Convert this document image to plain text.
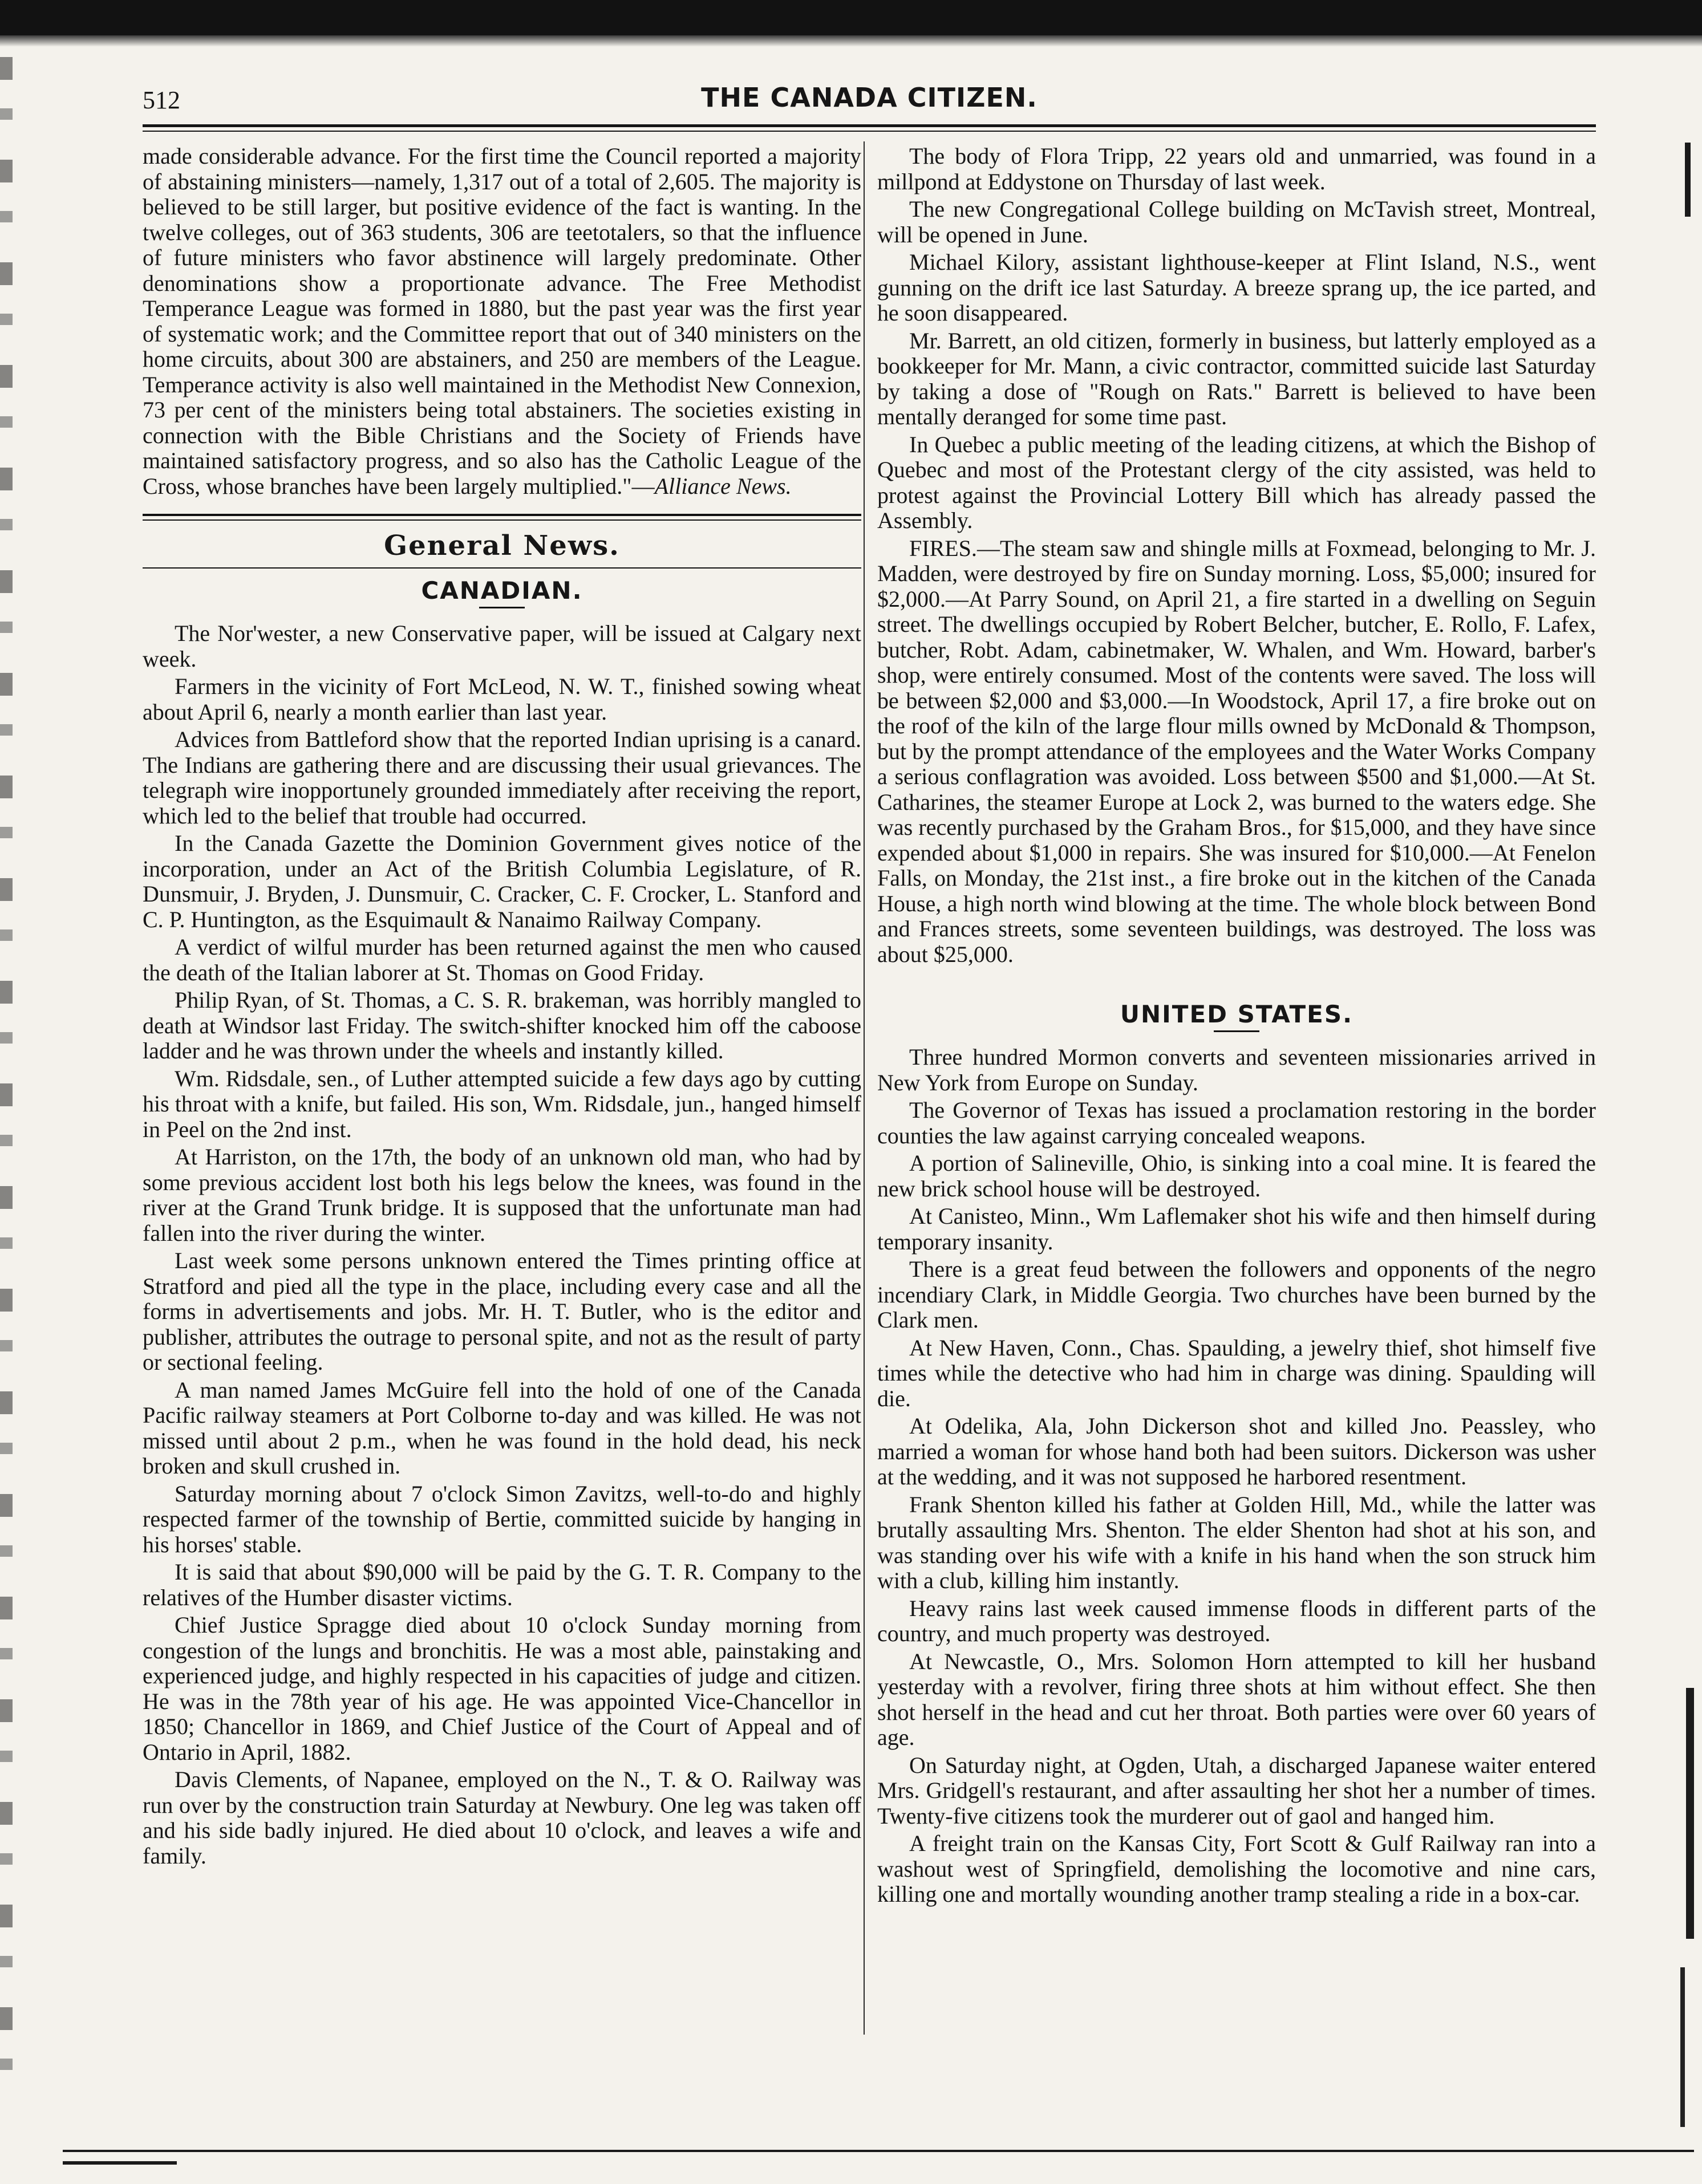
512	THE CANADA CITIZEN.

made considerable advance. For the first time the Council reported a majority of abstaining ministers—namely, 1,317 out of a total of 2,605. The majority is believed to be still larger, but positive evidence of the fact is wanting. In the twelve colleges, out of 363 students, 306 are teetotalers, so that the influence of future ministers who favor abstinence will largely predominate. Other denominations show a proportionate advance. The Free Methodist Temperance League was formed in 1880, but the past year was the first year of systematic work; and the Committee report that out of 340 ministers on the home circuits, about 300 are abstainers, and 250 are members of the League. Temperance activity is also well maintained in the Methodist New Connexion, 73 per cent of the ministers being total abstainers. The societies existing in connection with the Bible Christians and the Society of Friends have maintained satisfactory progress, and so also has the Catholic League of the Cross, whose branches have been largely multiplied."—Alliance News.

General News.
CANADIAN.

The Nor'wester, a new Conservative paper, will be issued at Calgary next week.

Farmers in the vicinity of Fort McLeod, N. W. T., finished sowing wheat about April 6, nearly a month earlier than last year.

Advices from Battleford show that the reported Indian uprising is a canard. The Indians are gathering there and are discussing their usual grievances. The telegraph wire inopportunely grounded immediately after receiving the report, which led to the belief that trouble had occurred.

In the Canada Gazette the Dominion Government gives notice of the incorporation, under an Act of the British Columbia Legislature, of R. Dunsmuir, J. Bryden, J. Dunsmuir, C. Cracker, C. F. Crocker, L. Stanford and C. P. Huntington, as the Esquimault & Nanaimo Railway Company.

A verdict of wilful murder has been returned against the men who caused the death of the Italian laborer at St. Thomas on Good Friday.

Philip Ryan, of St. Thomas, a C. S. R. brakeman, was horribly mangled to death at Windsor last Friday. The switch-shifter knocked him off the caboose ladder and he was thrown under the wheels and instantly killed.

Wm. Ridsdale, sen., of Luther attempted suicide a few days ago by cutting his throat with a knife, but failed. His son, Wm. Ridsdale, jun., hanged himself in Peel on the 2nd inst.

At Harriston, on the 17th, the body of an unknown old man, who had by some previous accident lost both his legs below the knees, was found in the river at the Grand Trunk bridge. It is supposed that the unfortunate man had fallen into the river during the winter.

Last week some persons unknown entered the Times printing office at Stratford and pied all the type in the place, including every case and all the forms in advertisements and jobs. Mr. H. T. Butler, who is the editor and publisher, attributes the outrage to personal spite, and not as the result of party or sectional feeling.

A man named James McGuire fell into the hold of one of the Canada Pacific railway steamers at Port Colborne to-day and was killed. He was not missed until about 2 p.m., when he was found in the hold dead, his neck broken and skull crushed in.

Saturday morning about 7 o'clock Simon Zavitzs, well-to-do and highly respected farmer of the township of Bertie, committed suicide by hanging in his horses' stable.

It is said that about $90,000 will be paid by the G. T. R. Company to the relatives of the Humber disaster victims.

Chief Justice Spragge died about 10 o'clock Sunday morning from congestion of the lungs and bronchitis. He was a most able, painstaking and experienced judge, and highly respected in his capacities of judge and citizen. He was in the 78th year of his age. He was appointed Vice-Chancellor in 1850; Chancellor in 1869, and Chief Justice of the Court of Appeal and of Ontario in April, 1882.

Davis Clements, of Napanee, employed on the N., T. & O. Railway was run over by the construction train Saturday at Newbury. One leg was taken off and his side badly injured. He died about 10 o'clock, and leaves a wife and family.

The body of Flora Tripp, 22 years old and unmarried, was found in a millpond at Eddystone on Thursday of last week.

The new Congregational College building on McTavish street, Montreal, will be opened in June.

Michael Kilory, assistant lighthouse-keeper at Flint Island, N.S., went gunning on the drift ice last Saturday. A breeze sprang up, the ice parted, and he soon disappeared.

Mr. Barrett, an old citizen, formerly in business, but latterly employed as a bookkeeper for Mr. Mann, a civic contractor, committed suicide last Saturday by taking a dose of "Rough on Rats." Barrett is believed to have been mentally deranged for some time past.

In Quebec a public meeting of the leading citizens, at which the Bishop of Quebec and most of the Protestant clergy of the city assisted, was held to protest against the Provincial Lottery Bill which has already passed the Assembly.

FIRES.—The steam saw and shingle mills at Foxmead, belonging to Mr. J. Madden, were destroyed by fire on Sunday morning. Loss, $5,000; insured for $2,000.—At Parry Sound, on April 21, a fire started in a dwelling on Seguin street. The dwellings occupied by Robert Belcher, butcher, E. Rollo, F. Lafex, butcher, Robt. Adam, cabinetmaker, W. Whalen, and Wm. Howard, barber's shop, were entirely consumed. Most of the contents were saved. The loss will be between $2,000 and $3,000.—In Woodstock, April 17, a fire broke out on the roof of the kiln of the large flour mills owned by McDonald & Thompson, but by the prompt attendance of the employees and the Water Works Company a serious conflagration was avoided. Loss between $500 and $1,000.—At St. Catharines, the steamer Europe at Lock 2, was burned to the waters edge. She was recently purchased by the Graham Bros., for $15,000, and they have since expended about $1,000 in repairs. She was insured for $10,000.—At Fenelon Falls, on Monday, the 21st inst., a fire broke out in the kitchen of the Canada House, a high north wind blowing at the time. The whole block between Bond and Frances streets, some seventeen buildings, was destroyed. The loss was about $25,000.

UNITED STATES.

Three hundred Mormon converts and seventeen missionaries arrived in New York from Europe on Sunday.

The Governor of Texas has issued a proclamation restoring in the border counties the law against carrying concealed weapons.

A portion of Salineville, Ohio, is sinking into a coal mine. It is feared the new brick school house will be destroyed.

At Canisteo, Minn., Wm Laflemaker shot his wife and then himself during temporary insanity.

There is a great feud between the followers and opponents of the negro incendiary Clark, in Middle Georgia. Two churches have been burned by the Clark men.

At New Haven, Conn., Chas. Spaulding, a jewelry thief, shot himself five times while the detective who had him in charge was dining. Spaulding will die.

At Odelika, Ala, John Dickerson shot and killed Jno. Peassley, who married a woman for whose hand both had been suitors. Dickerson was usher at the wedding, and it was not supposed he harbored resentment.

Frank Shenton killed his father at Golden Hill, Md., while the latter was brutally assaulting Mrs. Shenton. The elder Shenton had shot at his son, and was standing over his wife with a knife in his hand when the son struck him with a club, killing him instantly.

Heavy rains last week caused immense floods in different parts of the country, and much property was destroyed.

At Newcastle, O., Mrs. Solomon Horn attempted to kill her husband yesterday with a revolver, firing three shots at him without effect. She then shot herself in the head and cut her throat. Both parties were over 60 years of age.

On Saturday night, at Ogden, Utah, a discharged Japanese waiter entered Mrs. Gridgell's restaurant, and after assaulting her shot her a number of times. Twenty-five citizens took the murderer out of gaol and hanged him.

A freight train on the Kansas City, Fort Scott & Gulf Railway ran into a washout west of Springfield, demolishing the locomotive and nine cars, killing one and mortally wounding another tramp stealing a ride in a box-car.
